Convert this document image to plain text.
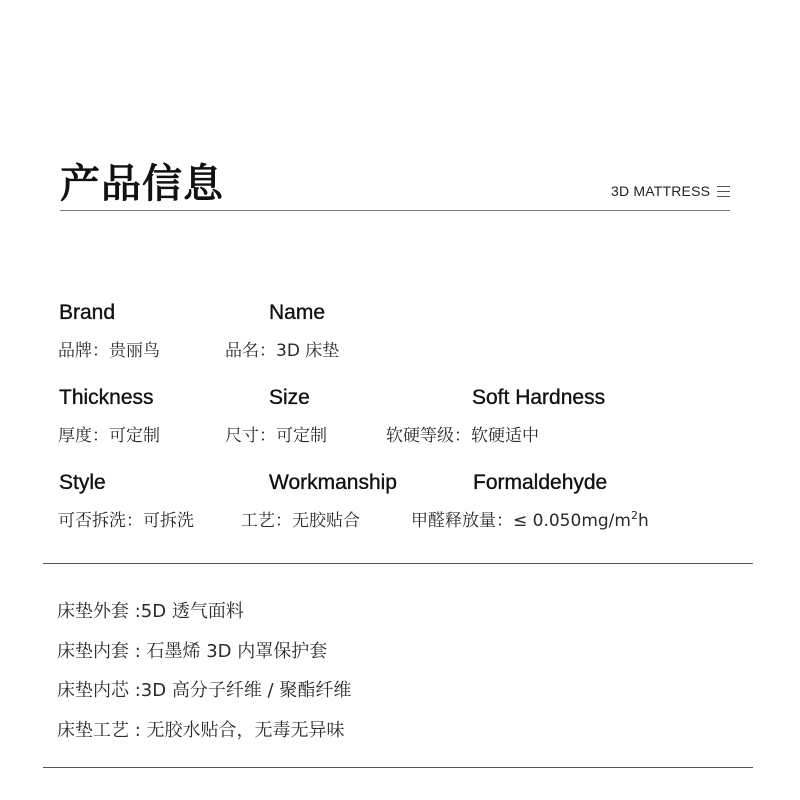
产品信息	3D MATTRESS
Brand
品牌：贵丽鸟
Name
品名：3D 床垫
Thickness
厚度：可定制
Size
尺寸：可定制
Soft Hardness
软硬等级：软硬适中
Style
可否拆洗：可拆洗
Workmanship
工艺：无胶贴合
Formaldehyde
甲醛释放量：≤ $0.050mg/m^2h$
床垫外套 :5D 透气面料
床垫内套 : 石墨烯 3D 内罩保护套
床垫内芯 :3D 高分子纤维 / 聚酯纤维
床垫工艺 : 无胶水贴合，无毒无异味
